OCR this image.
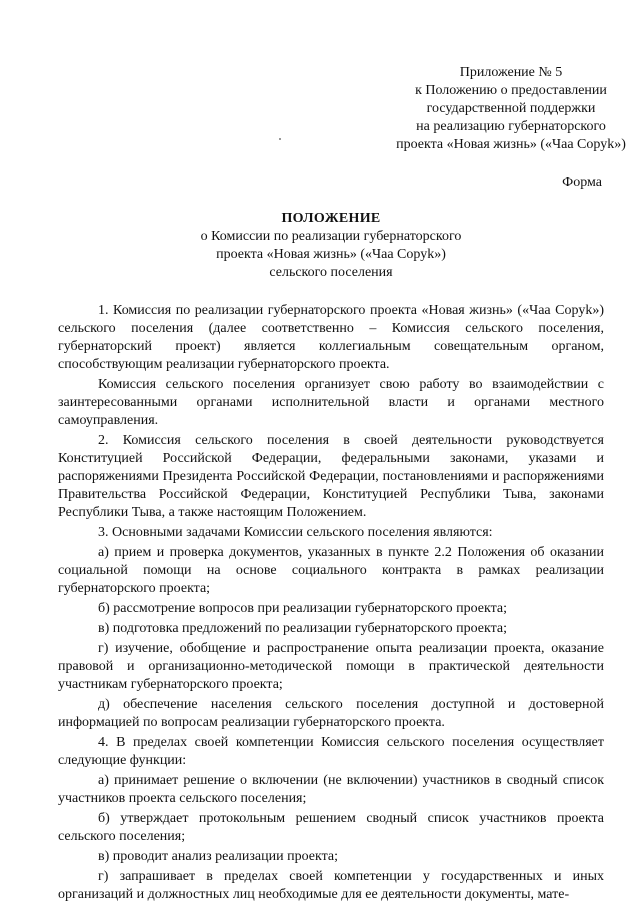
Приложение № 5
к Положению о предоставлении
государственной поддержки
на реализацию губернаторского
проекта «Новая жизнь» («Чаа Соруk»)
Форма
ПОЛОЖЕНИЕ
о Комиссии по реализации губернаторского
проекта «Новая жизнь» («Чаа Соруk»)
сельского поселения

1. Комиссия по реализации губернаторского проекта «Новая жизнь» («Чаа Соруk») сельского поселения (далее соответственно – Комиссия сельского поселения, губернаторский проект) является коллегиальным совещательным органом, способствующим реализации губернаторского проекта.

Комиссия сельского поселения организует свою работу во взаимодействии с заинтересованными органами исполнительной власти и органами местного самоуправления.

2. Комиссия сельского поселения в своей деятельности руководствуется Конституцией Российской Федерации, федеральными законами, указами и распоряжениями Президента Российской Федерации, постановлениями и распоряжениями Правительства Российской Федерации, Конституцией Республики Тыва, законами Республики Тыва, а также настоящим Положением.

3. Основными задачами Комиссии сельского поселения являются:

а) прием и проверка документов, указанных в пункте 2.2 Положения об оказании социальной помощи на основе социального контракта в рамках реализации губернаторского проекта;

б) рассмотрение вопросов при реализации губернаторского проекта;

в) подготовка предложений по реализации губернаторского проекта;

г) изучение, обобщение и распространение опыта реализации проекта, оказание правовой и организационно-методической помощи в практической деятельности участникам губернаторского проекта;

д) обеспечение населения сельского поселения доступной и достоверной информацией по вопросам реализации губернаторского проекта.

4. В пределах своей компетенции Комиссия сельского поселения осуществляет следующие функции:

а) принимает решение о включении (не включении) участников в сводный список участников проекта сельского поселения;

б) утверждает протокольным решением сводный список участников проекта сельского поселения;

в) проводит анализ реализации проекта;

г) запрашивает в пределах своей компетенции у государственных и иных организаций и должностных лиц необходимые для ее деятельности документы, мате-
